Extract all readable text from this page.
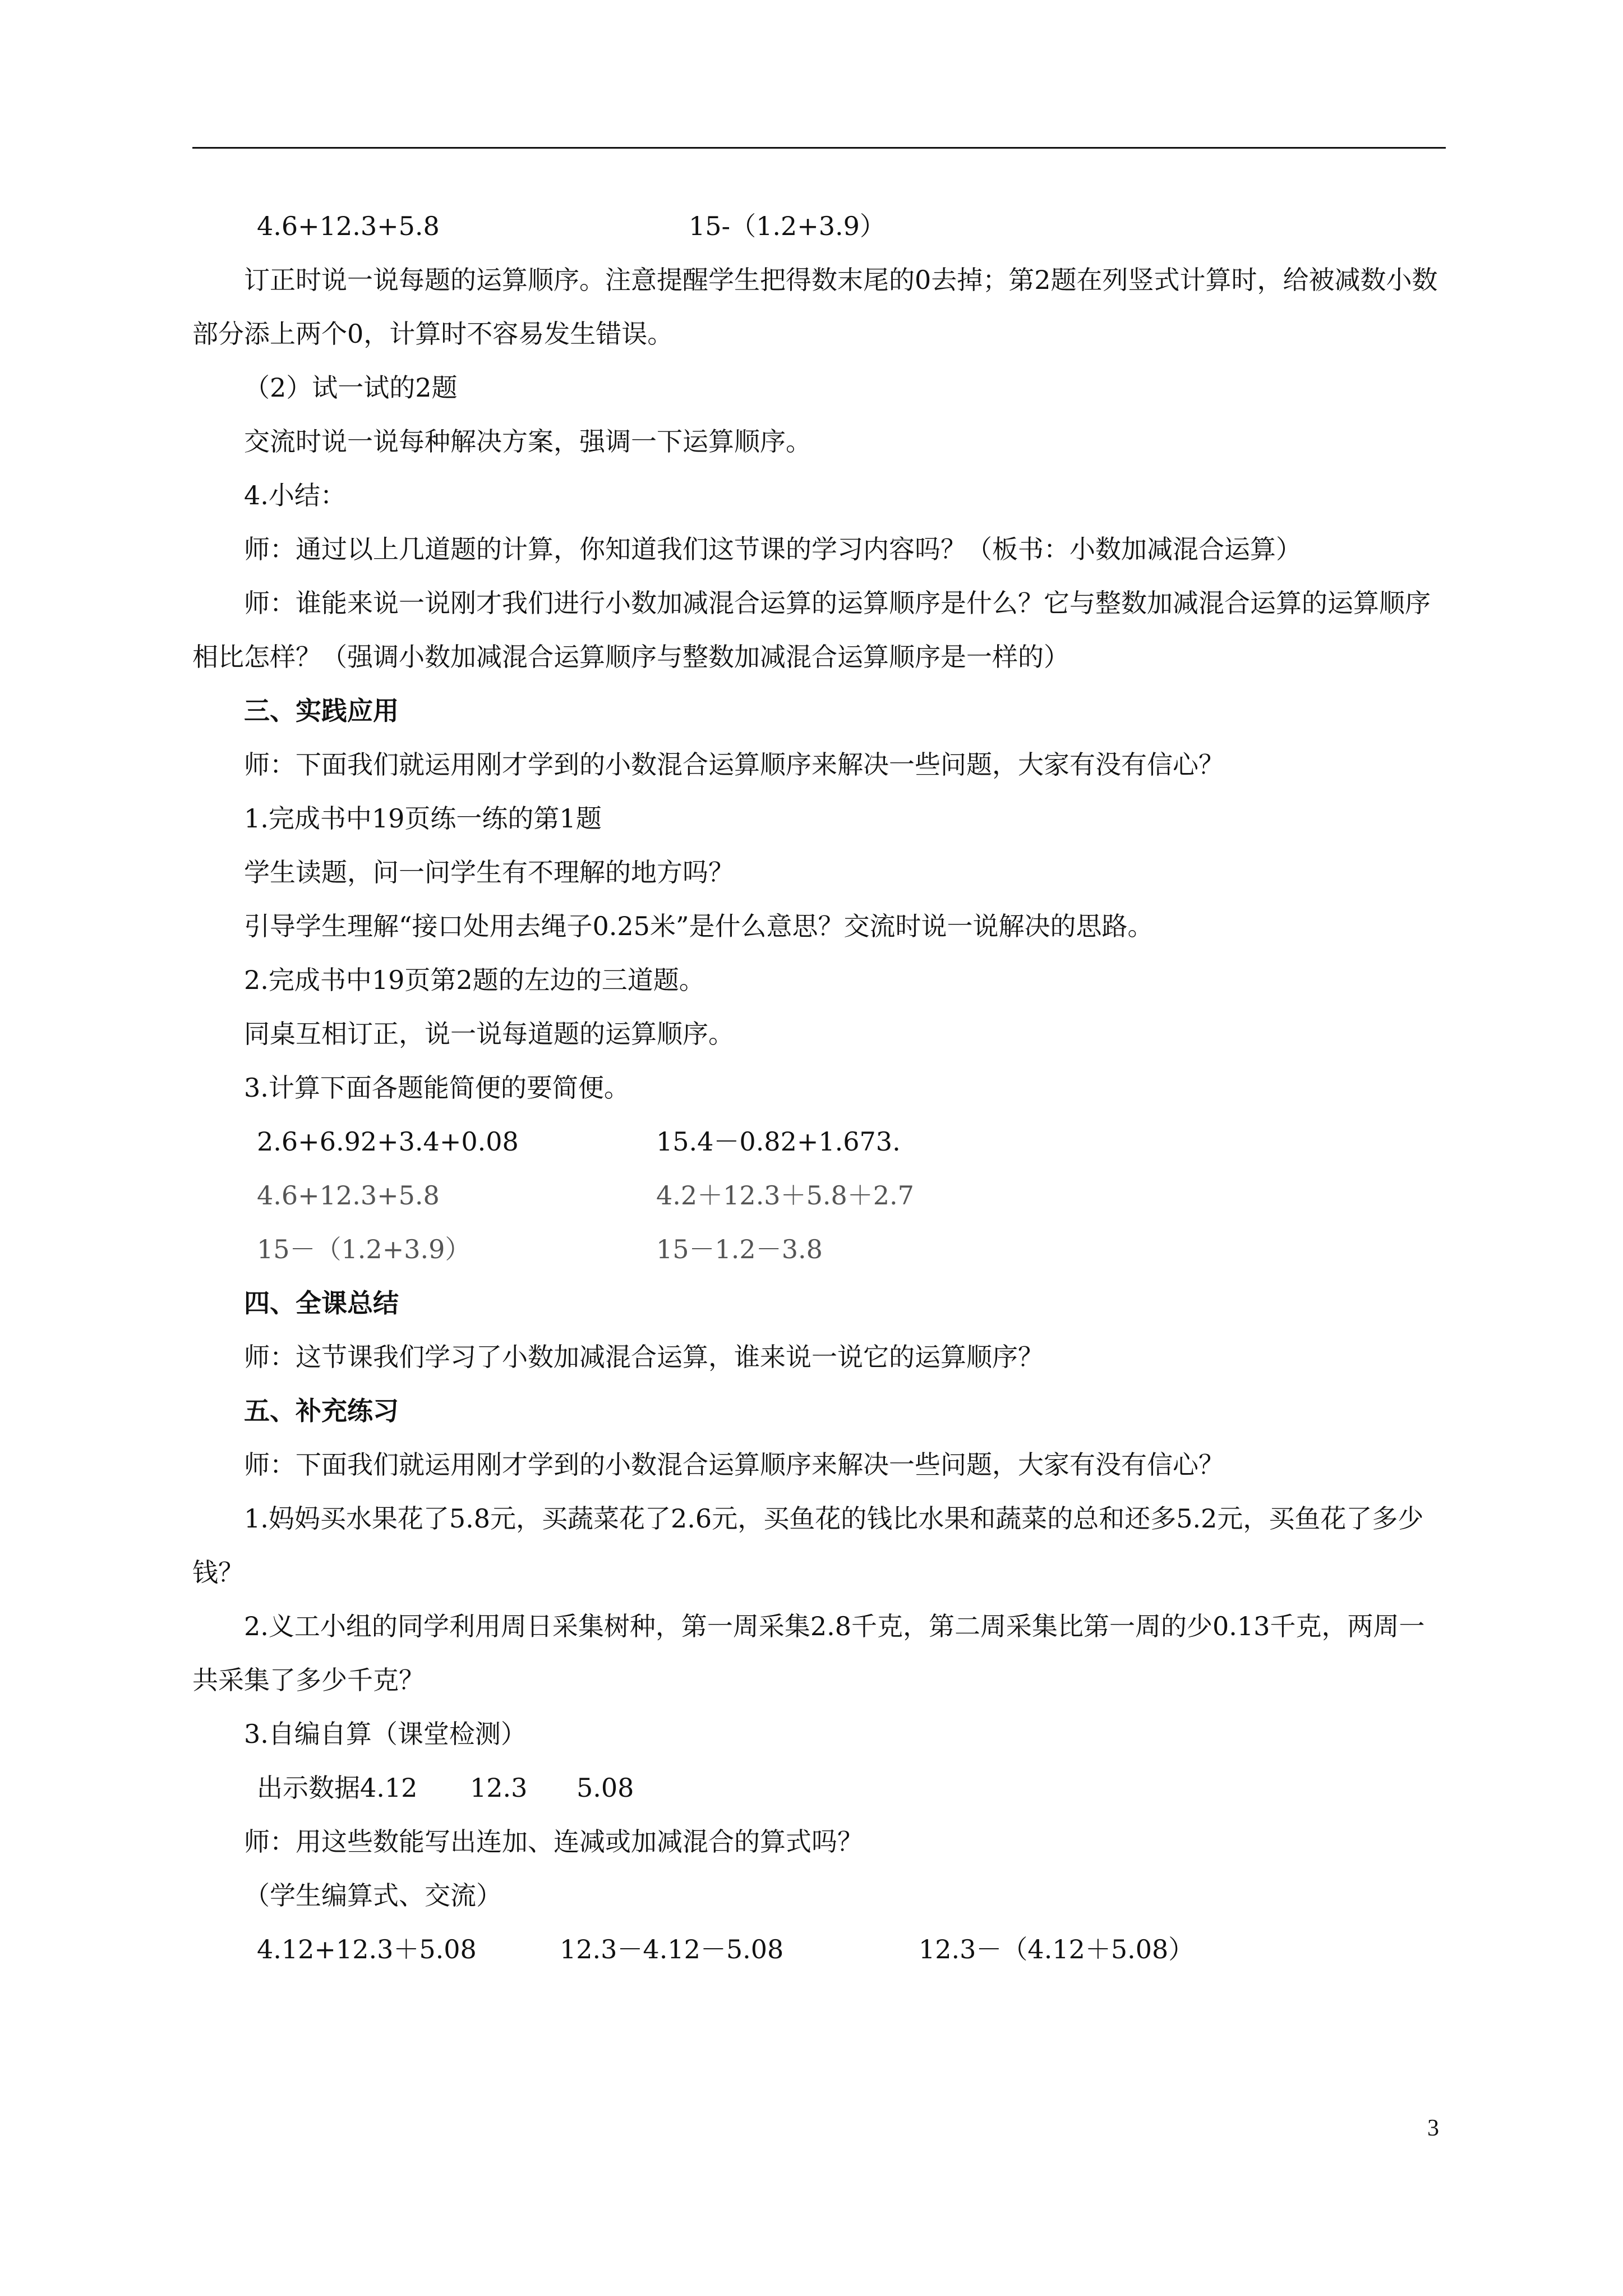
4.6+12.3+5.8	15-（1.2+3.9）

订正时说一说每题的运算顺序。注意提醒学生把得数末尾的0去掉；第2题在列竖式计算时，给被减数小数部分添上两个0，计算时不容易发生错误。

（2）试一试的2题

交流时说一说每种解决方案，强调一下运算顺序。

4.小结：

师：通过以上几道题的计算，你知道我们这节课的学习内容吗？（板书：小数加减混合运算）

师：谁能来说一说刚才我们进行小数加减混合运算的运算顺序是什么？它与整数加减混合运算的运算顺序相比怎样？（强调小数加减混合运算顺序与整数加减混合运算顺序是一样的）

三、实践应用

师：下面我们就运用刚才学到的小数混合运算顺序来解决一些问题，大家有没有信心？

1.完成书中19页练一练的第1题

学生读题，问一问学生有不理解的地方吗？

引导学生理解“接口处用去绳子0.25米”是什么意思？交流时说一说解决的思路。

2.完成书中19页第2题的左边的三道题。

同桌互相订正，说一说每道题的运算顺序。

3.计算下面各题能简便的要简便。

2.6+6.92+3.4+0.08	15.4－0.82+1.673.
4.6+12.3+5.8	4.2＋12.3＋5.8＋2.7
15－（1.2+3.9）	15－1.2－3.8

四、全课总结

师：这节课我们学习了小数加减混合运算，谁来说一说它的运算顺序？

五、补充练习

师：下面我们就运用刚才学到的小数混合运算顺序来解决一些问题，大家有没有信心？

1.妈妈买水果花了5.8元，买蔬菜花了2.6元，买鱼花的钱比水果和蔬菜的总和还多5.2元，买鱼花了多少钱？

2.义工小组的同学利用周日采集树种，第一周采集2.8千克，第二周采集比第一周的少0.13千克，两周一共采集了多少千克？

3.自编自算（课堂检测）

出示数据4.12	12.3	5.08

师：用这些数能写出连加、连减或加减混合的算式吗？

（学生编算式、交流）

4.12+12.3＋5.08	12.3－4.12－5.08	12.3－（4.12＋5.08）
3
